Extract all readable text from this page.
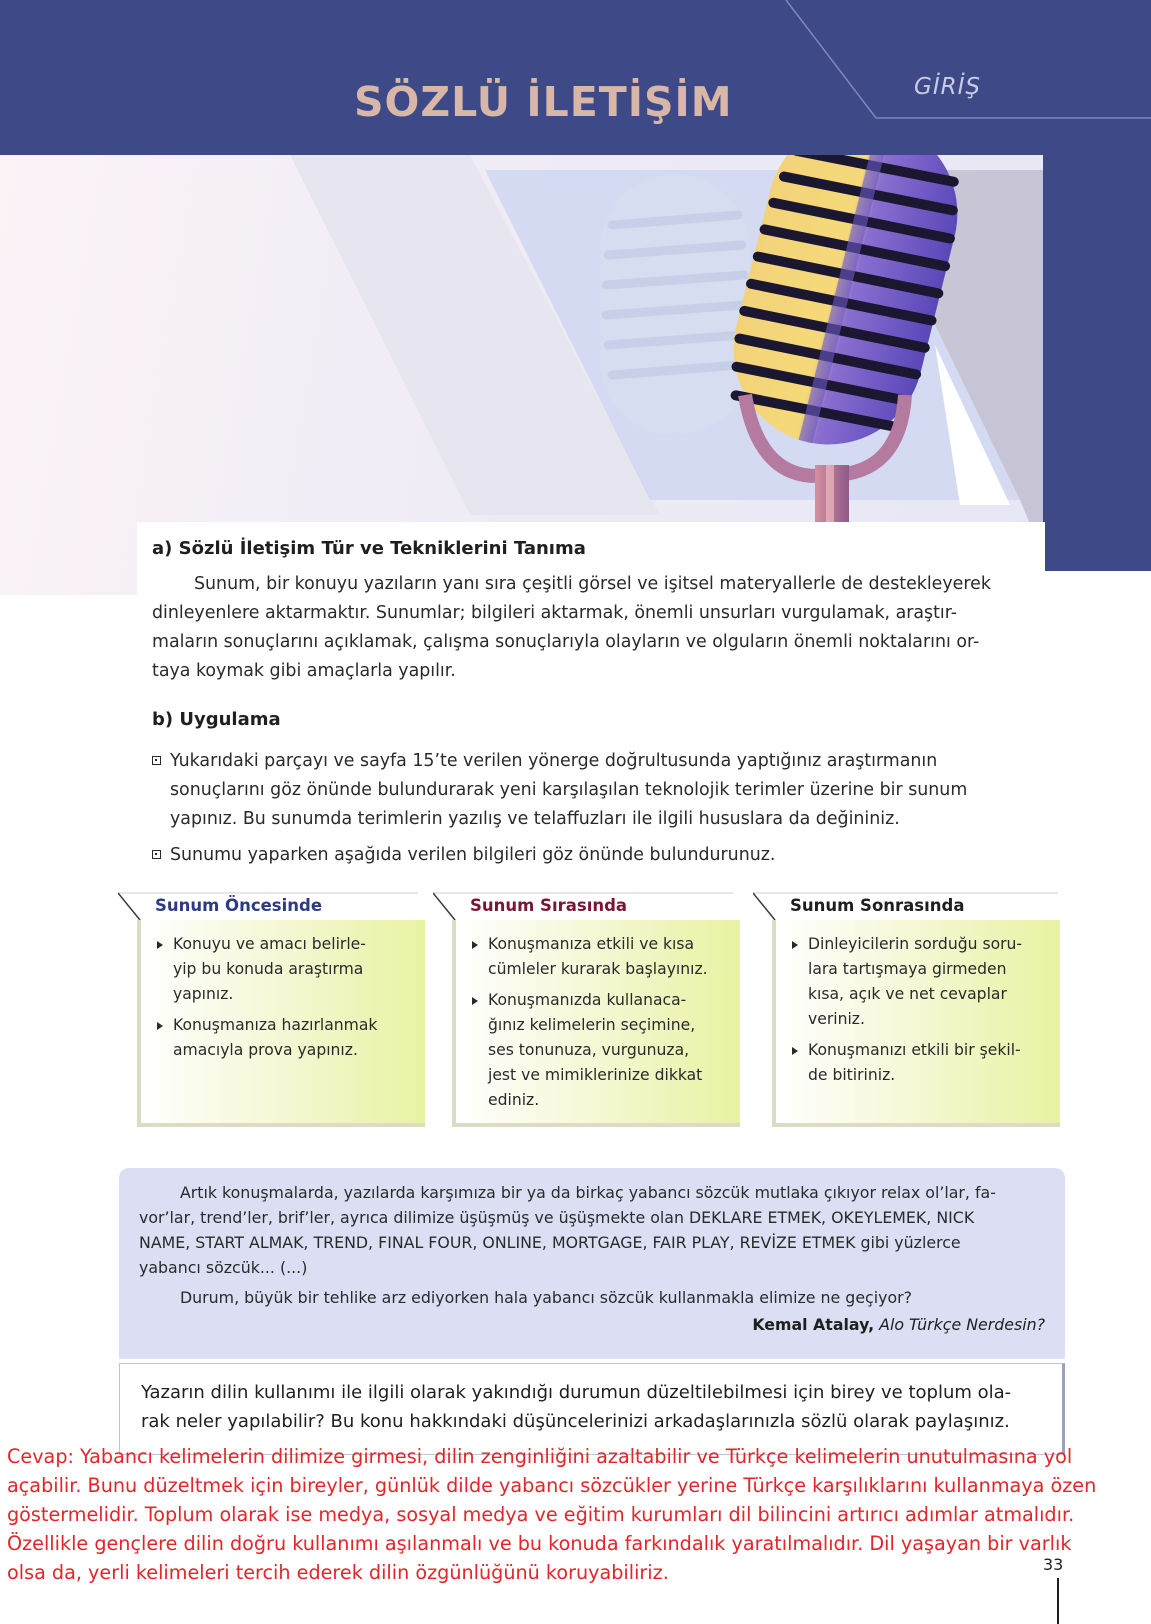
SÖZLÜ İLETİŞİM	GİRİŞ
a) Sözlü İletişim Tür ve Tekniklerini Tanıma
Sunum, bir konuyu yazıların yanı sıra çeşitli görsel ve işitsel materyallerle de destekleyerek
dinleyenlere aktarmaktır. Sunumlar; bilgileri aktarmak, önemli unsurları vurgulamak, araştır-
maların sonuçlarını açıklamak, çalışma sonuçlarıyla olayların ve olguların önemli noktalarını or-
taya koymak gibi amaçlarla yapılır.
b) Uygulama
Yukarıdaki parçayı ve sayfa 15’te verilen yönerge doğrultusunda yaptığınız araştırmanın
sonuçlarını göz önünde bulundurarak yeni karşılaşılan teknolojik terimler üzerine bir sunum
yapınız. Bu sunumda terimlerin yazılış ve telaffuzları ile ilgili hususlara da değininiz.
Sunumu yaparken aşağıda verilen bilgileri göz önünde bulundurunuz.
Sunum Öncesinde	Sunum Sırasında	Sunum Sonrasında
Konuyu ve amacı belirle-
yip bu konuda araştırma
yapınız.
Konuşmanıza hazırlanmak
amacıyla prova yapınız.
Konuşmanıza etkili ve kısa
cümleler kurarak başlayınız.
Konuşmanızda kullanaca-
ğınız kelimelerin seçimine,
ses tonunuza, vurgunuza,
jest ve mimiklerinize dikkat
ediniz.
Dinleyicilerin sorduğu soru-
lara tartışmaya girmeden
kısa, açık ve net cevaplar
veriniz.
Konuşmanızı etkili bir şekil-
de bitiriniz.
Artık konuşmalarda, yazılarda karşımıza bir ya da birkaç yabancı sözcük mutlaka çıkıyor relax ol’lar, fa-
vor’lar, trend’ler, brif’ler, ayrıca dilimize üşüşmüş ve üşüşmekte olan DEKLARE ETMEK, OKEYLEMEK, NICK
NAME, START ALMAK, TREND, FINAL FOUR, ONLINE, MORTGAGE, FAIR PLAY, REVİZE ETMEK gibi yüzlerce
yabancı sözcük... (...)
Durum, büyük bir tehlike arz ediyorken hala yabancı sözcük kullanmakla elimize ne geçiyor?
Kemal Atalay, Alo Türkçe Nerdesin?
Yazarın dilin kullanımı ile ilgili olarak yakındığı durumun düzeltilebilmesi için birey ve toplum ola-
rak neler yapılabilir? Bu konu hakkındaki düşüncelerinizi arkadaşlarınızla sözlü olarak paylaşınız.
Cevap: Yabancı kelimelerin dilimize girmesi, dilin zenginliğini azaltabilir ve Türkçe kelimelerin unutulmasına yol
açabilir. Bunu düzeltmek için bireyler, günlük dilde yabancı sözcükler yerine Türkçe karşılıklarını kullanmaya özen
göstermelidir. Toplum olarak ise medya, sosyal medya ve eğitim kurumları dil bilincini artırıcı adımlar atmalıdır.
Özellikle gençlere dilin doğru kullanımı aşılanmalı ve bu konuda farkındalık yaratılmalıdır. Dil yaşayan bir varlık
olsa da, yerli kelimeleri tercih ederek dilin özgünlüğünü koruyabiliriz.	33
